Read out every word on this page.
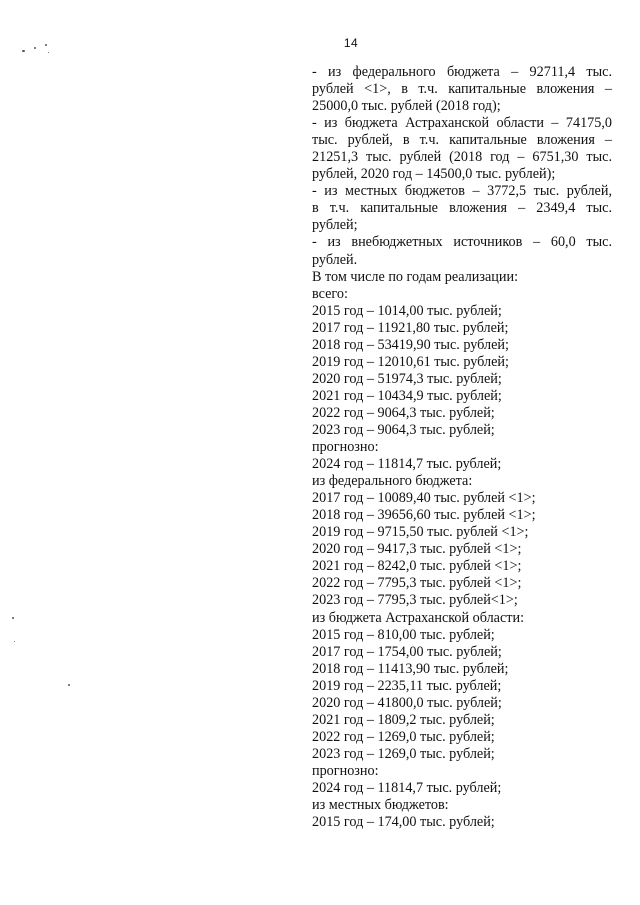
14
- из федерального бюджета – 92711,4 тыс.
рублей <1>, в т.ч. капитальные вложения –
25000,0 тыс. рублей (2018 год);
- из бюджета Астраханской области – 74175,0
тыс. рублей, в т.ч. капитальные вложения –
21251,3 тыс. рублей (2018 год – 6751,30 тыс.
рублей, 2020 год – 14500,0 тыс. рублей);
- из местных бюджетов – 3772,5 тыс. рублей,
в т.ч. капитальные вложения – 2349,4 тыс.
рублей;
- из внебюджетных источников – 60,0 тыс.
рублей.
В том числе по годам реализации:
всего:
2015 год – 1014,00 тыс. рублей;
2017 год – 11921,80 тыс. рублей;
2018 год – 53419,90 тыс. рублей;
2019 год – 12010,61 тыс. рублей;
2020 год – 51974,3 тыс. рублей;
2021 год – 10434,9 тыс. рублей;
2022 год – 9064,3 тыс. рублей;
2023 год – 9064,3 тыс. рублей;
прогнозно:
2024 год – 11814,7 тыс. рублей;
из федерального бюджета:
2017 год – 10089,40 тыс. рублей <1>;
2018 год – 39656,60 тыс. рублей <1>;
2019 год – 9715,50 тыс. рублей <1>;
2020 год – 9417,3 тыс. рублей <1>;
2021 год – 8242,0 тыс. рублей <1>;
2022 год – 7795,3 тыс. рублей <1>;
2023 год – 7795,3 тыс. рублей<1>;
из бюджета Астраханской области:
2015 год – 810,00 тыс. рублей;
2017 год – 1754,00 тыс. рублей;
2018 год – 11413,90 тыс. рублей;
2019 год – 2235,11 тыс. рублей;
2020 год – 41800,0 тыс. рублей;
2021 год – 1809,2 тыс. рублей;
2022 год – 1269,0 тыс. рублей;
2023 год – 1269,0 тыс. рублей;
прогнозно:
2024 год – 11814,7 тыс. рублей;
из местных бюджетов:
2015 год – 174,00 тыс. рублей;
